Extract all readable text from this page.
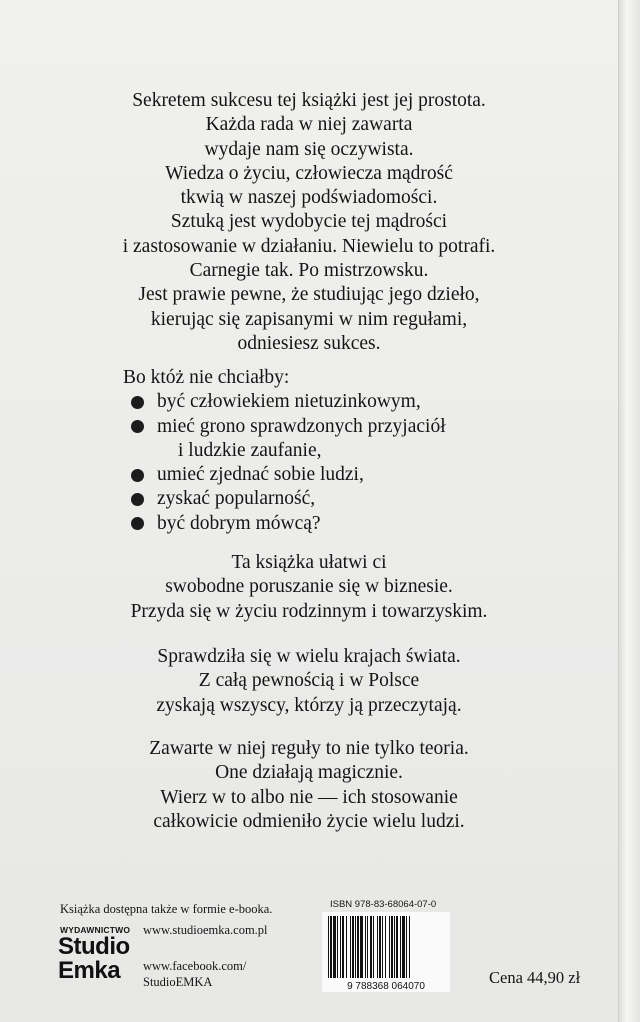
Sekretem sukcesu tej książki jest jej prostota.
Każda rada w niej zawarta
wydaje nam się oczywista.
Wiedza o życiu, człowiecza mądrość
tkwią w naszej podświadomości.
Sztuką jest wydobycie tej mądrości
i zastosowanie w działaniu. Niewielu to potrafi.
Carnegie tak. Po mistrzowsku.
Jest prawie pewne, że studiując jego dzieło,
kierując się zapisanymi w nim regułami,
odniesiesz sukces.
Bo któż nie chciałby:
być człowiekiem nietuzinkowym,
mieć grono sprawdzonych przyjaciół
i ludzkie zaufanie,
umieć zjednać sobie ludzi,
zyskać popularność,
być dobrym mówcą?
Ta książka ułatwi ci
swobodne poruszanie się w biznesie.
Przyda się w życiu rodzinnym i towarzyskim.
Sprawdziła się w wielu krajach świata.
Z całą pewnością i w Polsce
zyskają wszyscy, którzy ją przeczytają.
Zawarte w niej reguły to nie tylko teoria.
One działają magicznie.
Wierz w to albo nie — ich stosowanie
całkowicie odmieniło życie wielu ludzi.
Książka dostępna także w formie e-booka.
WYDAWNICTWO
Studio
Emka
www.studioemka.com.pl
www.facebook.com/
StudioEMKA
ISBN 978-83-68064-07-0
9 788368 064070	Cena 44,90 zł
